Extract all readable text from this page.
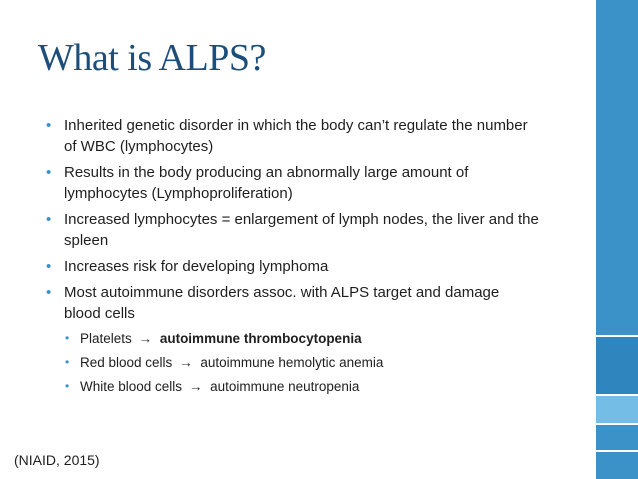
What is ALPS?
• Inherited genetic disorder in which the body can’t regulate the number of WBC (lymphocytes)
• Results in the body producing an abnormally large amount of lymphocytes (Lymphoproliferation)
• Increased lymphocytes = enlargement of lymph nodes, the liver and the spleen
• Increases risk for developing lymphoma
• Most autoimmune disorders assoc. with ALPS target and damage blood cells
• Platelets → autoimmune thrombocytopenia
• Red blood cells → autoimmune hemolytic anemia
• White blood cells → autoimmune neutropenia
(NIAID, 2015)
